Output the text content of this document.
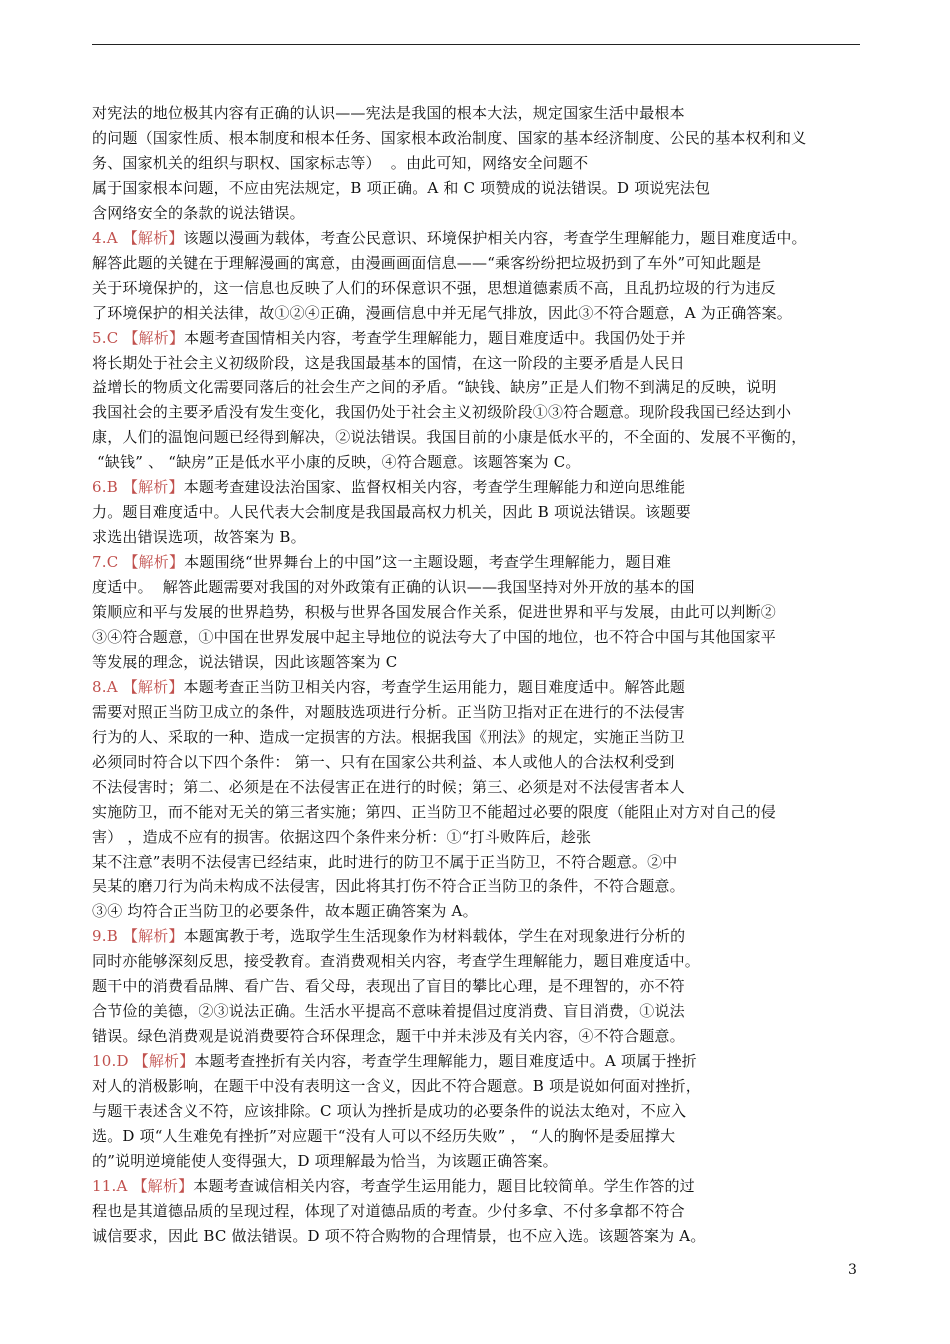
对宪法的地位极其内容有正确的认识——宪法是我国的根本大法，规定国家生活中最根本
的问题（国家性质、根本制度和根本任务、国家根本政治制度、国家的基本经济制度、公民的基本权利和义
务、国家机关的组织与职权、国家标志等）  。由此可知，网络安全问题不
属于国家根本问题，不应由宪法规定，B 项正确。A 和 C 项赞成的说法错误。D 项说宪法包
含网络安全的条款的说法错误。
4.A 【解析】该题以漫画为载体，考查公民意识、环境保护相关内容，考查学生理解能力，题目难度适中。
解答此题的关键在于理解漫画的寓意，由漫画画面信息——“乘客纷纷把垃圾扔到了车外”可知此题是
关于环境保护的，这一信息也反映了人们的环保意识不强，思想道德素质不高，且乱扔垃圾的行为违反
了环境保护的相关法律，故①②④正确，漫画信息中并无尾气排放，因此③不符合题意，A 为正确答案。
5.C 【解析】本题考查国情相关内容，考查学生理解能力，题目难度适中。我国仍处于并
将长期处于社会主义初级阶段，这是我国最基本的国情，在这一阶段的主要矛盾是人民日
益增长的物质文化需要同落后的社会生产之间的矛盾。“缺钱、缺房”正是人们物不到满足的反映，说明
我国社会的主要矛盾没有发生变化，我国仍处于社会主义初级阶段①③符合题意。现阶段我国已经达到小
康，人们的温饱问题已经得到解决，②说法错误。我国目前的小康是低水平的，不全面的、发展不平衡的，
“缺钱” 、 “缺房”正是低水平小康的反映，④符合题意。该题答案为 C。
6.B 【解析】本题考查建设法治国家、监督权相关内容，考查学生理解能力和逆向思维能
力。题目难度适中。人民代表大会制度是我国最高权力机关，因此 B 项说法错误。该题要
求选出错误选项，故答案为 B。
7.C 【解析】本题围绕“世界舞台上的中国”这一主题设题，考查学生理解能力，题目难
度适中。  解答此题需要对我国的对外政策有正确的认识——我国坚持对外开放的基本的国
策顺应和平与发展的世界趋势，积极与世界各国发展合作关系，促进世界和平与发展，由此可以判断②
③④符合题意，①中国在世界发展中起主导地位的说法夸大了中国的地位，也不符合中国与其他国家平
等发展的理念，说法错误，因此该题答案为 C
8.A 【解析】本题考查正当防卫相关内容，考查学生运用能力，题目难度适中。解答此题
需要对照正当防卫成立的条件，对题肢选项进行分析。正当防卫指对正在进行的不法侵害
行为的人、采取的一种、造成一定损害的方法。根据我国《刑法》的规定，实施正当防卫
必须同时符合以下四个条件： 第一、只有在国家公共利益、本人或他人的合法权利受到
不法侵害时；第二、必须是在不法侵害正在进行的时候；第三、必须是对不法侵害者本人
实施防卫，而不能对无关的第三者实施；第四、正当防卫不能超过必要的限度（能阻止对方对自己的侵
害） ，造成不应有的损害。依据这四个条件来分析：①“打斗败阵后，趁张
某不注意”表明不法侵害已经结束，此时进行的防卫不属于正当防卫，不符合题意。②中
吴某的磨刀行为尚未构成不法侵害，因此将其打伤不符合正当防卫的条件，不符合题意。
③④ 均符合正当防卫的必要条件，故本题正确答案为 A。
9.B 【解析】本题寓教于考，选取学生生活现象作为材料载体，学生在对现象进行分析的
同时亦能够深刻反思，接受教育。查消费观相关内容，考查学生理解能力，题目难度适中。
题干中的消费看品牌、看广告、看父母，表现出了盲目的攀比心理，是不理智的，亦不符
合节俭的美德，②③说法正确。生活水平提高不意味着提倡过度消费、盲目消费，①说法
错误。绿色消费观是说消费要符合环保理念，题干中并未涉及有关内容，④不符合题意。
10.D 【解析】本题考查挫折有关内容，考查学生理解能力，题目难度适中。A 项属于挫折
对人的消极影响，在题干中没有表明这一含义，因此不符合题意。B 项是说如何面对挫折，
与题干表述含义不符，应该排除。C 项认为挫折是成功的必要条件的说法太绝对，不应入
选。D 项“人生难免有挫折”对应题干“没有人可以不经历失败” ， “人的胸怀是委屈撑大
的”说明逆境能使人变得强大，D 项理解最为恰当，为该题正确答案。
11.A 【解析】本题考查诚信相关内容，考查学生运用能力，题目比较简单。学生作答的过
程也是其道德品质的呈现过程，体现了对道德品质的考查。少付多拿、不付多拿都不符合
诚信要求，因此 BC 做法错误。D 项不符合购物的合理情景，也不应入选。该题答案为 A。
3
